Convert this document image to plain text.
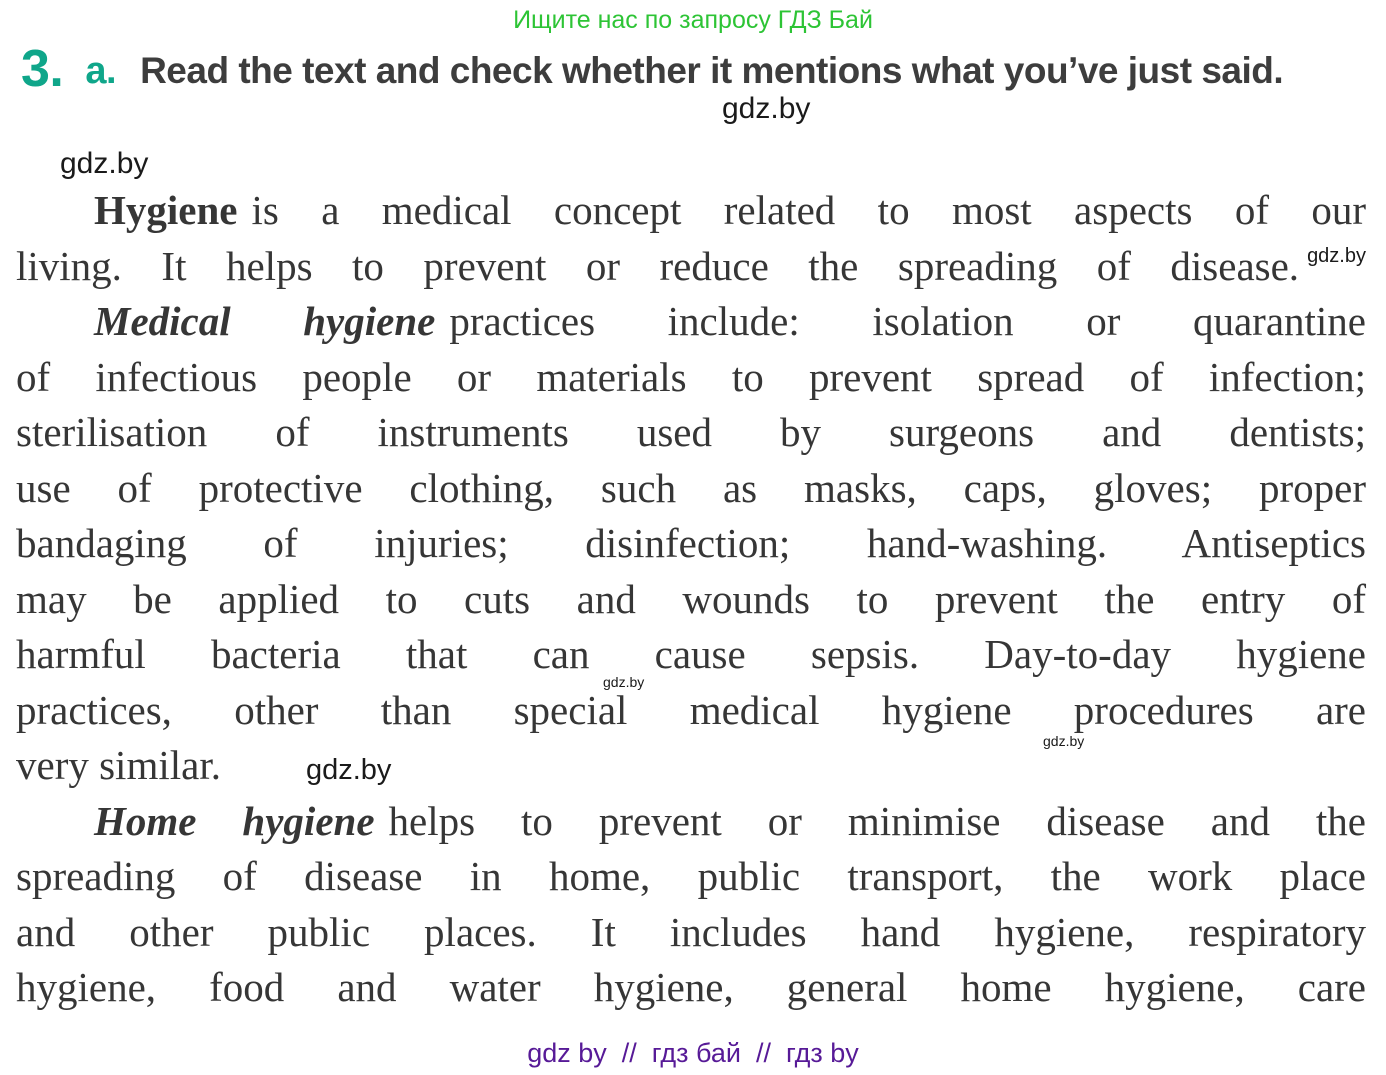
Ищите нас по запросу ГДЗ Бай
3. a. Read the text and check whether it mentions what you’ve just said.
gdz.by
gdz.by
gdz.by
gdz.by
Hygiene is a medical concept related to most aspects of our
living. It helps to prevent or reduce the spreading of disease. $^{gdz.by}$
Medical hygiene practices include: isolation or quarantine
of infectious people or materials to prevent spread of infection;
sterilisation of instruments used by surgeons and dentists;
use of protective clothing, such as masks, caps, gloves; proper
bandaging of injuries; disinfection; hand-washing. Antiseptics
may be applied to cuts and wounds to prevent the entry of
harmful bacteria that can cause sepsis. Day-to-day hygiene
practices, other than special medical hygiene procedures are
very similar.	gdz.by
Home hygiene helps to prevent or minimise disease and the
spreading of disease in home, public transport, the work place
and other public places. It includes hand hygiene, respiratory
hygiene, food and water hygiene, general home hygiene, care
gdz by  //  гдз бай  //  гдз by
